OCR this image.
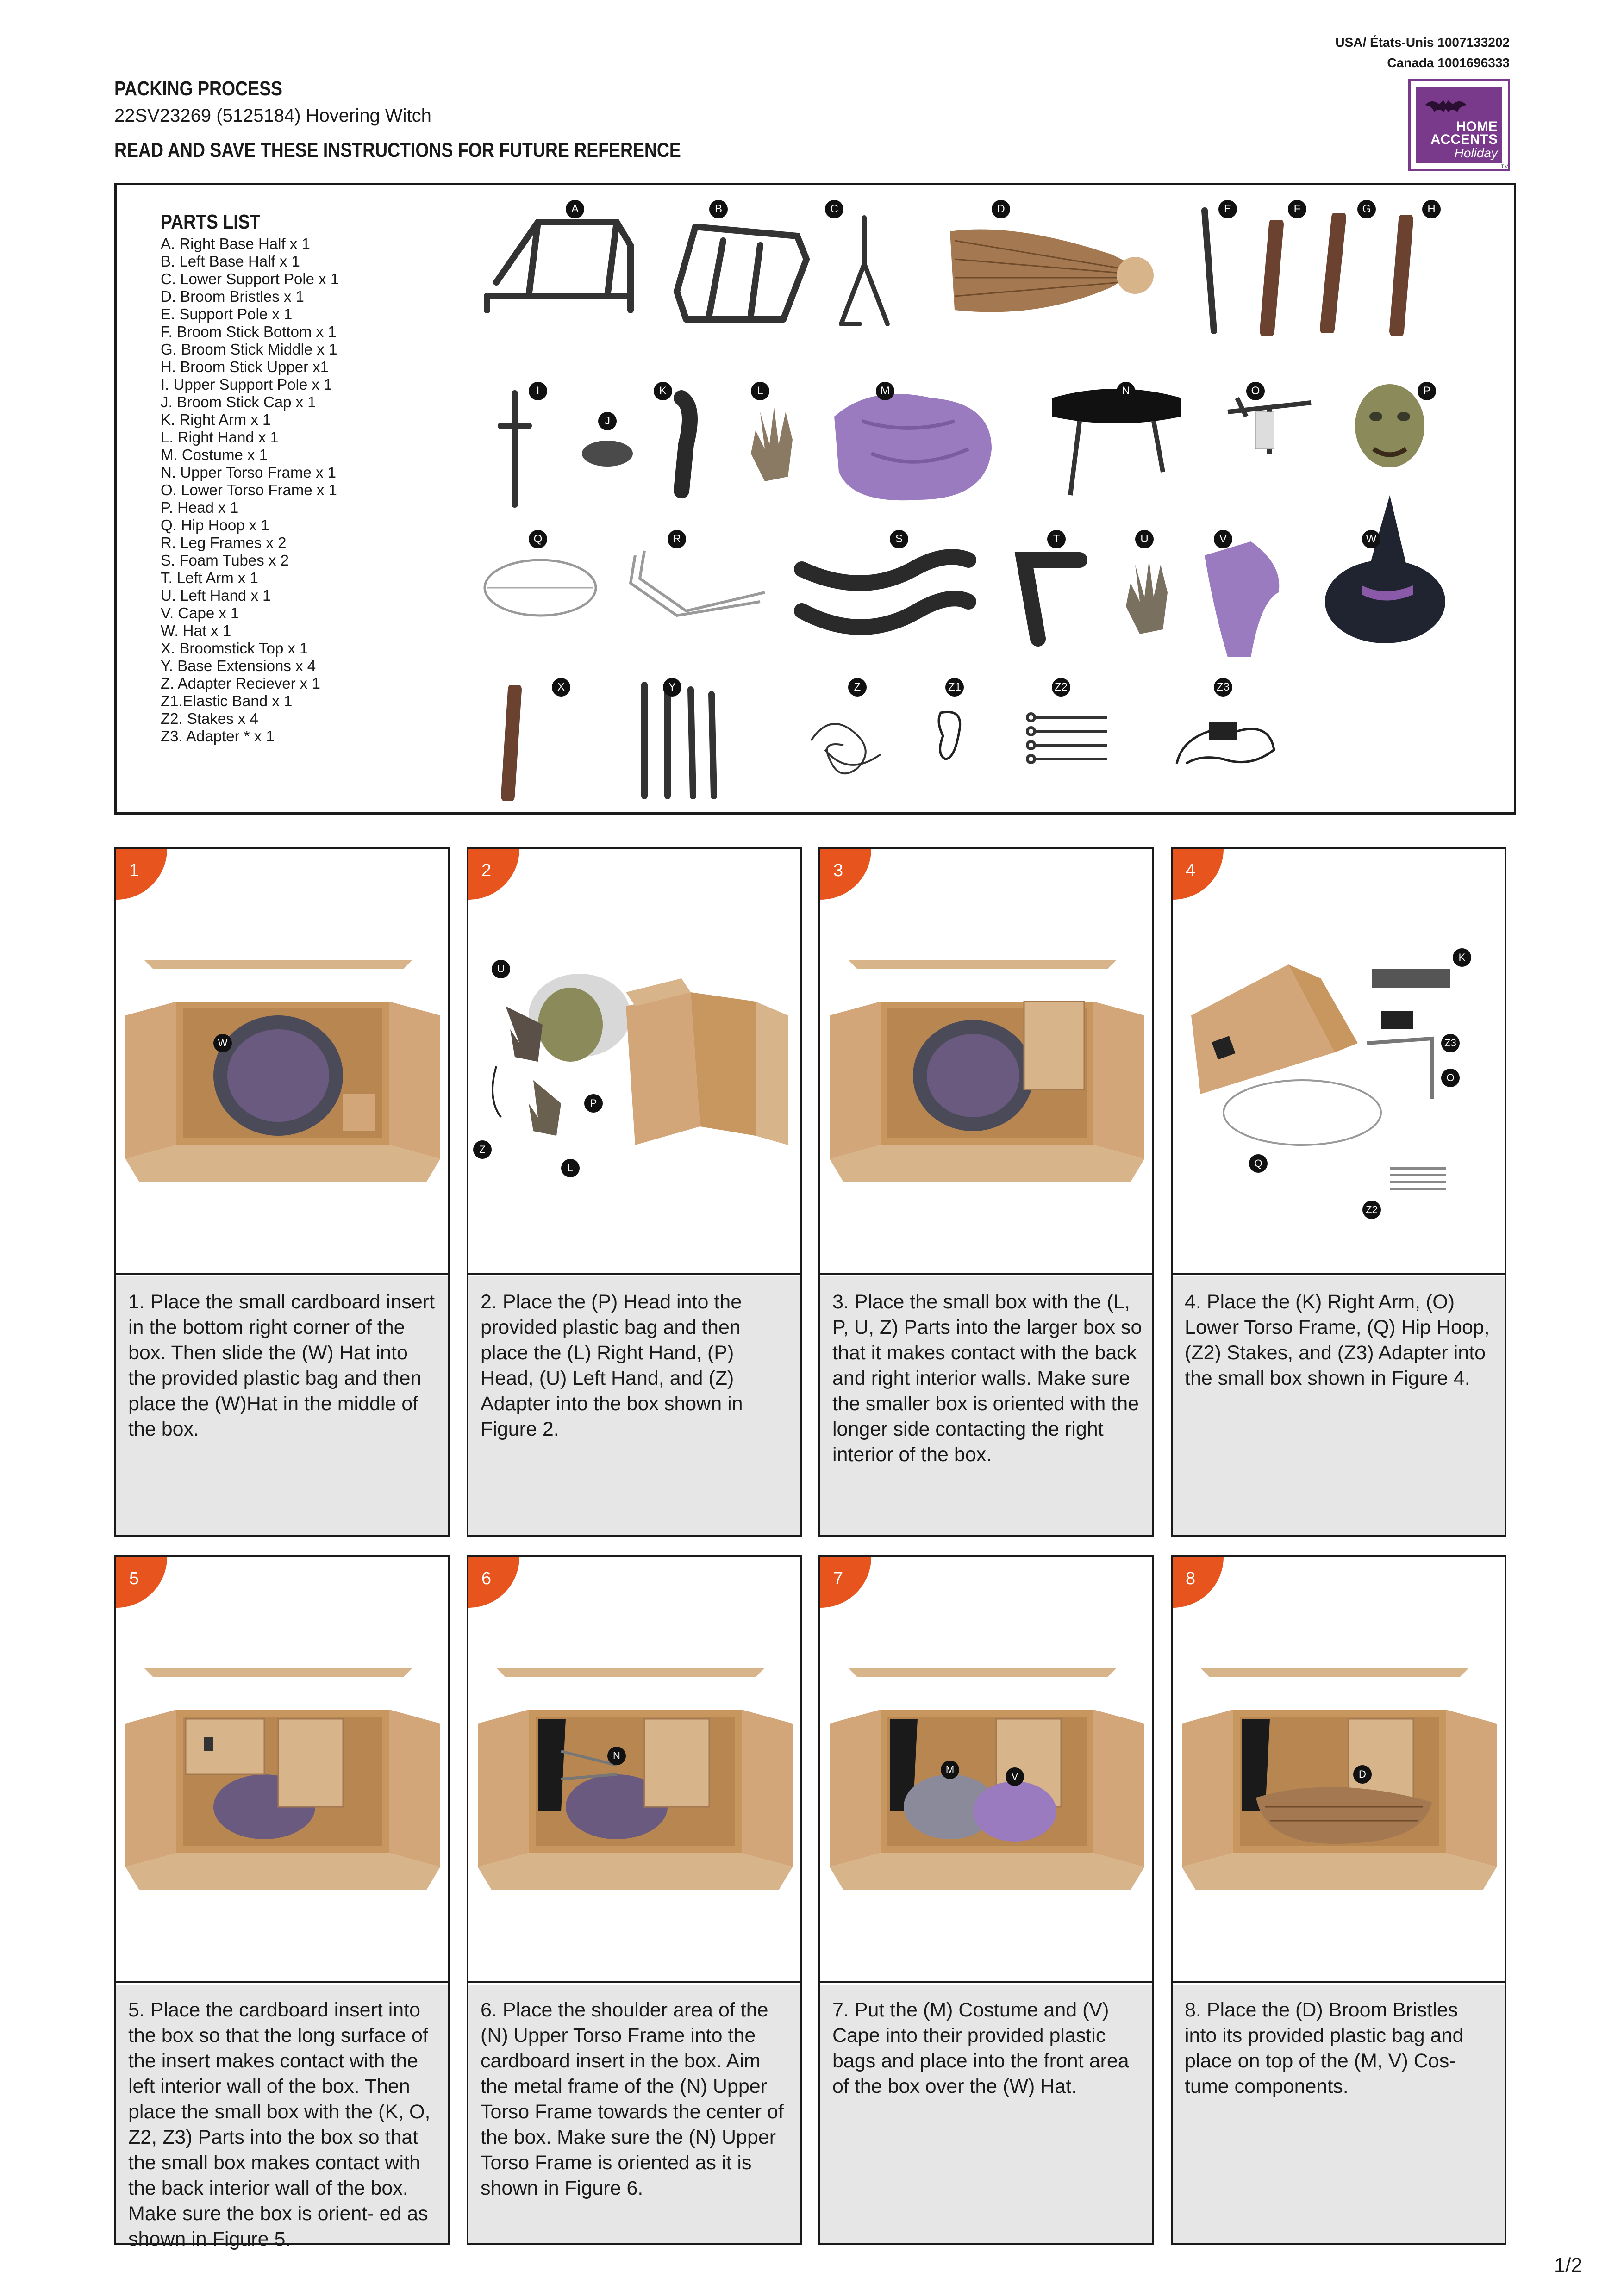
USA/ États-Unis 1007133202
Canada 1001696333
HOME
ACCENTS
Holiday
TM
PACKING PROCESS
22SV23269 (5125184) Hovering Witch
READ AND SAVE THESE INSTRUCTIONS FOR FUTURE REFERENCE
PARTS LIST
A. Right Base Half x 1
B. Left Base Half x 1
C. Lower Support Pole x 1
D. Broom Bristles x 1
E. Support Pole x 1
F. Broom Stick Bottom x 1
G. Broom Stick Middle x 1
H. Broom Stick Upper x1
I. Upper Support Pole x 1
J. Broom Stick Cap x 1
K. Right Arm x 1
L. Right Hand x 1
M. Costume x 1
N. Upper Torso Frame x 1
O. Lower Torso Frame x 1
P. Head x 1
Q. Hip Hoop x 1
R. Leg Frames x 2
S. Foam Tubes x 2
T. Left Arm x 1
U. Left Hand x 1
V. Cape x 1
W. Hat x 1
X. Broomstick Top x 1
Y. Base Extensions x 4
Z. Adapter Reciever x 1
Z1.Elastic Band x 1
Z2. Stakes x 4
Z3. Adapter * x 1
A	B	C	D	E	F	G	H
I
J
K	L	M	N	O	P
Q	R	S	T	U	V	W
X	Y	Z	Z1	Z2	Z3
1
W
1. Place the small cardboard insert in the bottom right corner of the box. Then slide the (W) Hat into the provided plastic bag and then place the (W)Hat in the middle of the box.
2
U
P
Z
L
2. Place the (P) Head into the provided plastic bag and then place the (L) Right Hand, (P) Head, (U) Left Hand, and (Z) Adapter into the box shown in Figure 2.
3
3. Place the small box with the (L, P, U, Z) Parts into the larger box so that it makes contact with the back and right interior walls. Make sure the smaller box is oriented with the longer side contacting the right interior of the box.
4
K
Z3
O
Q
Z2
4. Place the (K) Right Arm, (O) Lower Torso Frame, (Q) Hip Hoop, (Z2) Stakes, and (Z3) Adapter into the small box shown in Figure 4.
5
5. Place the cardboard insert into the box so that the long surface of the insert makes contact with the left interior wall of the box. Then place the small box with the (K, O, Z2, Z3) Parts into the box so that the small box makes contact with the back interior wall of the box. Make sure the box is orient- ed as shown in Figure 5.
6
N
6. Place the shoulder area of the (N) Upper Torso Frame into the cardboard insert in the box. Aim the metal frame of the (N) Upper Torso Frame towards the center of the box. Make sure the (N) Upper Torso Frame is oriented as it is shown in Figure 6.
7
M
V
7. Put the (M) Costume and (V) Cape into their provided plastic bags and place into the front area of the box over the (W) Hat.
8
D
8. Place the (D) Broom Bristles into its provided plastic bag and place on top of the (M, V) Cos- tume components.
1/2
